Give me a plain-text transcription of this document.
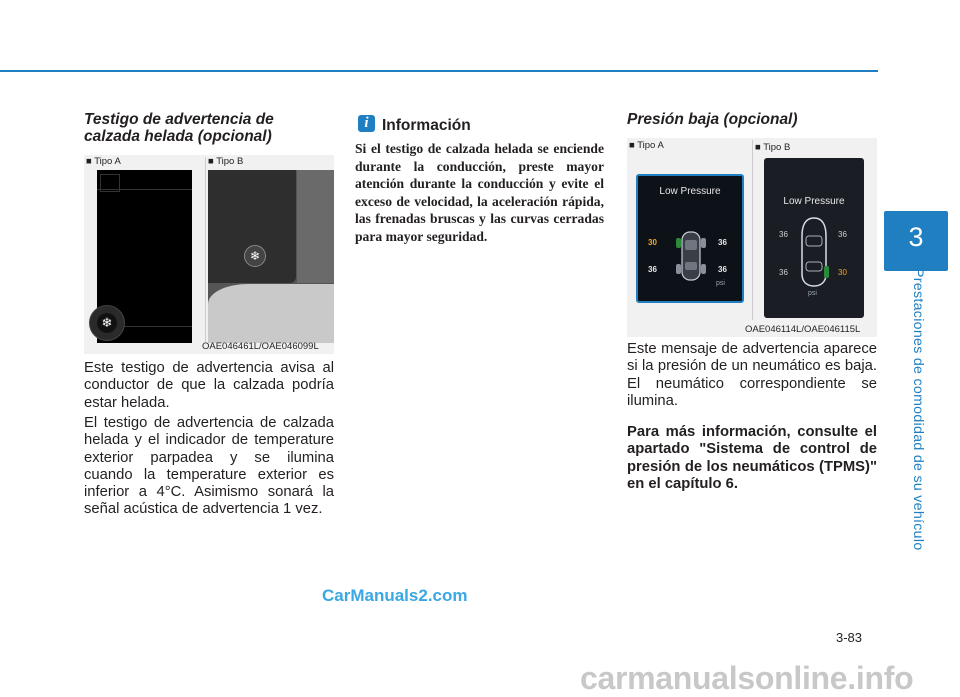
3
Prestaciones de comodidad de su vehículo
Testigo de advertencia de
calzada helada (opcional)
■ Tipo A	■ Tipo B
❄
❄
OAE046461L/OAE046099L

Este testigo de advertencia avisa al conductor de que la calzada podría estar helada.

El testigo de advertencia de calzada helada y el indicador de temperature exterior parpadea y se ilumina cuando la temperature exterior es inferior a 4°C. Asimismo sonará la señal acústica de advertencia 1 vez.

i Información

Si el testigo de calzada helada se enciende durante la conducción, preste mayor atención durante la conducción y evite el exceso de velocidad, la aceleración rápida, las frenadas bruscas y las curvas cerradas para mayor seguridad.

Presión baja (opcional)
■ Tipo A	■ Tipo B
Low Pressure
30	36
36	36
psi
Low Pressure
36	36
36	30
psi
OAE046114L/OAE046115L

Este mensaje de advertencia aparece si la presión de un neumático es baja. El neumático correspondiente se ilumina.

Para más información, consulte el apartado "Sistema de control de presión de los neumáticos (TPMS)" en el capítulo 6.

CarManuals2.com
3-83
carmanualsonline.info
